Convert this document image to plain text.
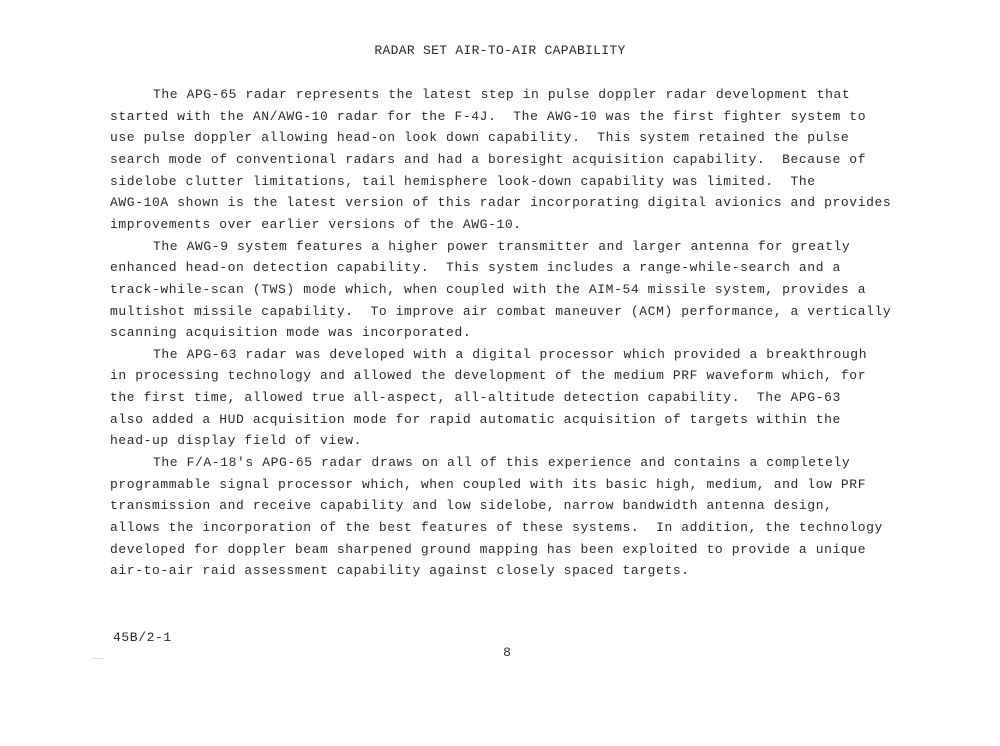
RADAR SET AIR-TO-AIR CAPABILITY
The APG-65 radar represents the latest step in pulse doppler radar development that
started with the AN/AWG-10 radar for the F-4J.  The AWG-10 was the first fighter system to
use pulse doppler allowing head-on look down capability.  This system retained the pulse
search mode of conventional radars and had a boresight acquisition capability.  Because of
sidelobe clutter limitations, tail hemisphere look-down capability was limited.  The
AWG-10A shown is the latest version of this radar incorporating digital avionics and provides
improvements over earlier versions of the AWG-10.
The AWG-9 system features a higher power transmitter and larger antenna for greatly
enhanced head-on detection capability.  This system includes a range-while-search and a
track-while-scan (TWS) mode which, when coupled with the AIM-54 missile system, provides a
multishot missile capability.  To improve air combat maneuver (ACM) performance, a vertically
scanning acquisition mode was incorporated.
The APG-63 radar was developed with a digital processor which provided a breakthrough
in processing technology and allowed the development of the medium PRF waveform which, for
the first time, allowed true all-aspect, all-altitude detection capability.  The APG-63
also added a HUD acquisition mode for rapid automatic acquisition of targets within the
head-up display field of view.
The F/A-18's APG-65 radar draws on all of this experience and contains a completely
programmable signal processor which, when coupled with its basic high, medium, and low PRF
transmission and receive capability and low sidelobe, narrow bandwidth antenna design,
allows the incorporation of the best features of these systems.  In addition, the technology
developed for doppler beam sharpened ground mapping has been exploited to provide a unique
air-to-air raid assessment capability against closely spaced targets.
45B/2-1
8
